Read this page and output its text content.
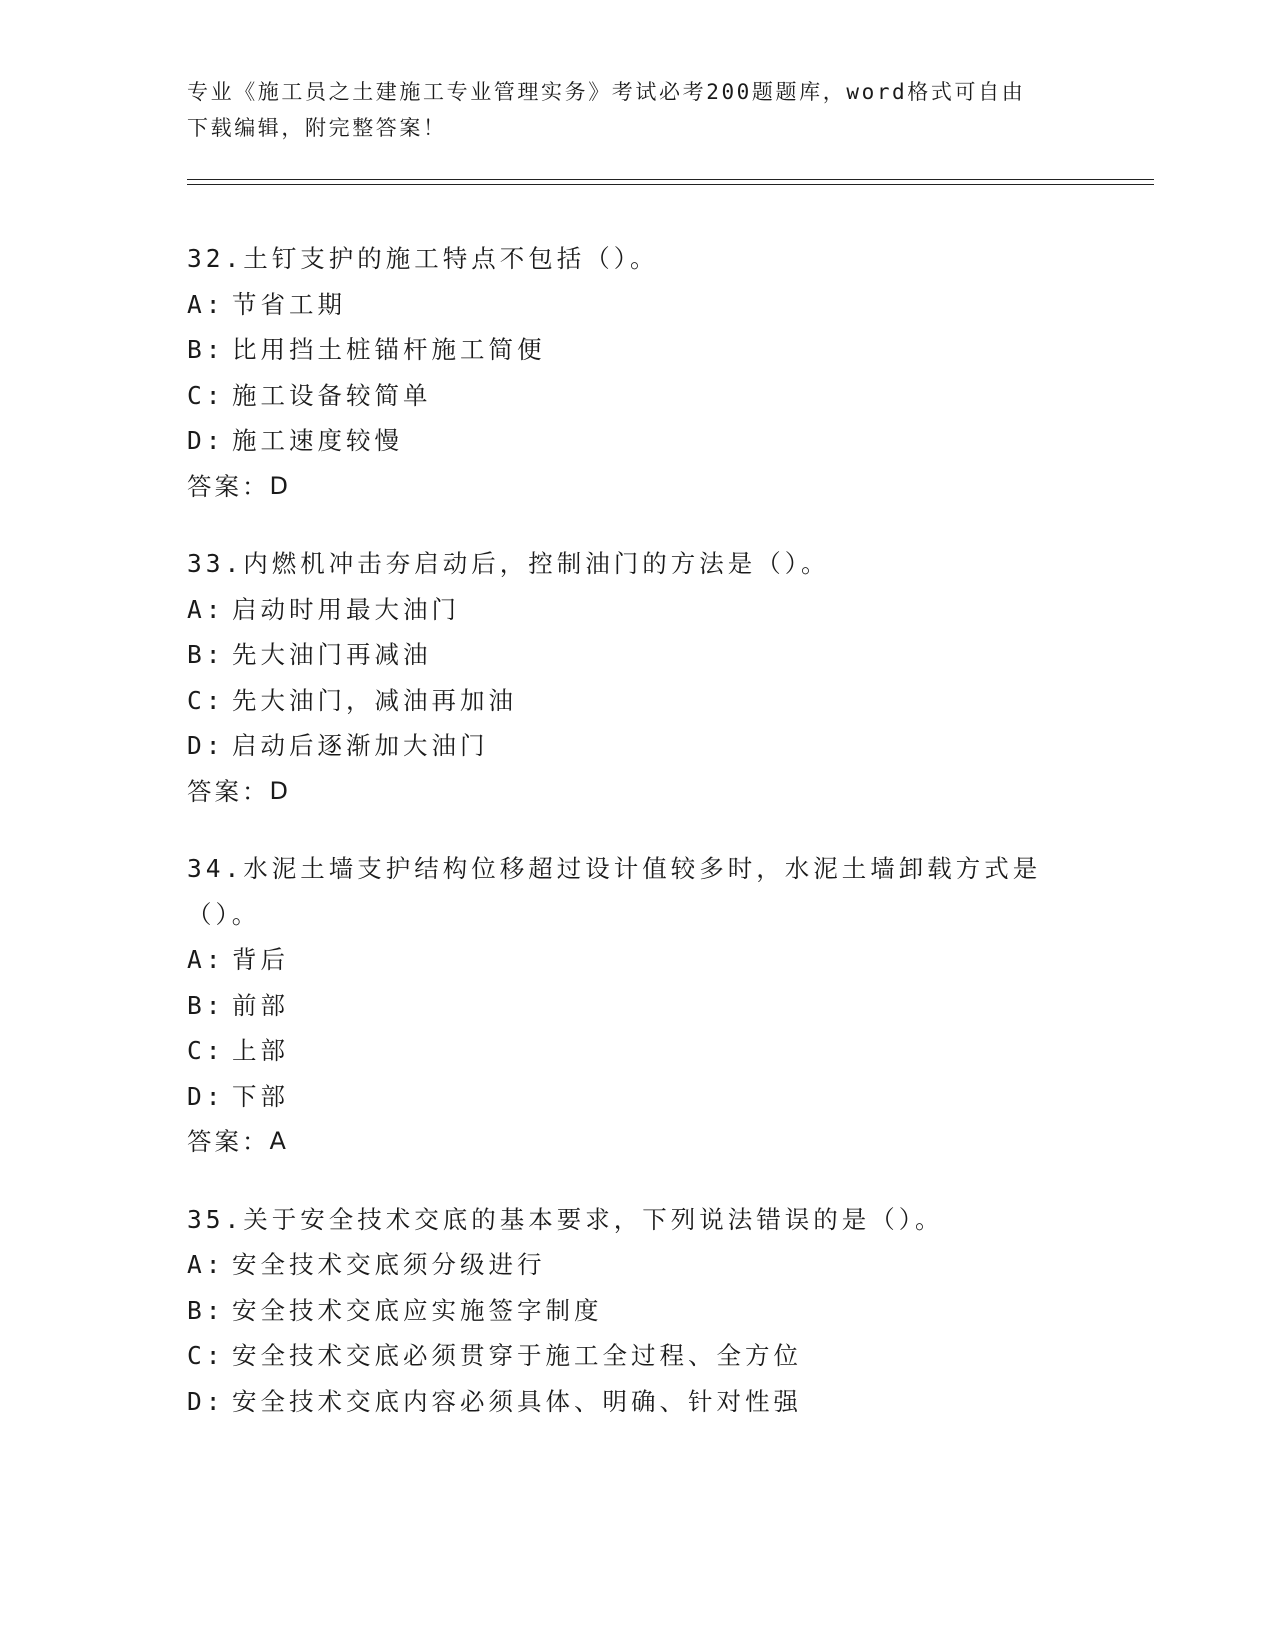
专业《施工员之土建施工专业管理实务》考试必考200题题库，word格式可自由
下载编辑，附完整答案！
32.土钉支护的施工特点不包括（）。
A: 节省工期
B: 比用挡土桩锚杆施工简便
C: 施工设备较简单
D: 施工速度较慢
答案： D
33.内燃机冲击夯启动后，控制油门的方法是（）。
A: 启动时用最大油门
B: 先大油门再减油
C: 先大油门，减油再加油
D: 启动后逐渐加大油门
答案： D
34.水泥土墙支护结构位移超过设计值较多时，水泥土墙卸载方式是（）。
A: 背后
B: 前部
C: 上部
D: 下部
答案： A
35.关于安全技术交底的基本要求，下列说法错误的是（）。
A: 安全技术交底须分级进行
B: 安全技术交底应实施签字制度
C: 安全技术交底必须贯穿于施工全过程、全方位
D: 安全技术交底内容必须具体、明确、针对性强
